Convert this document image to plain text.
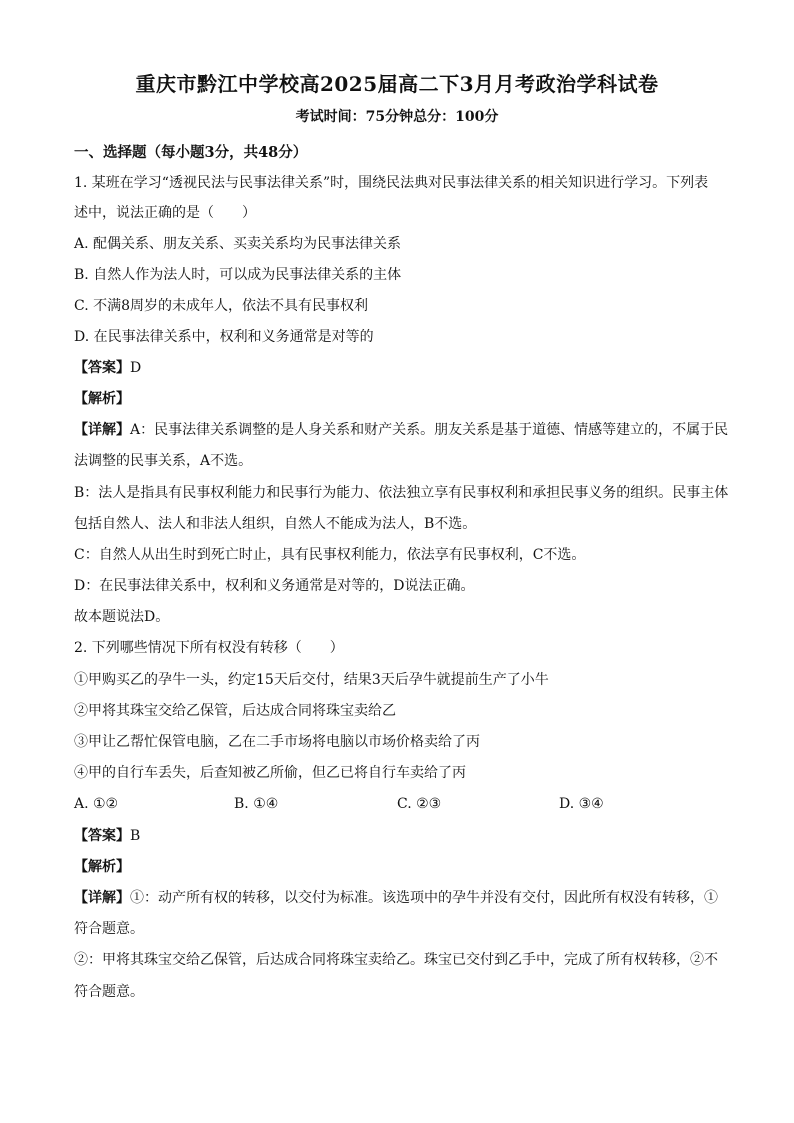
重庆市黔江中学校高2025届高二下3月月考政治学科试卷
考试时间：75分钟总分：100分
一、选择题（每小题3分，共48分）
1. 某班在学习“透视民法与民事法律关系”时，围绕民法典对民事法律关系的相关知识进行学习。下列表
述中，说法正确的是（　　）
A. 配偶关系、朋友关系、买卖关系均为民事法律关系
B. 自然人作为法人时，可以成为民事法律关系的主体
C. 不满8周岁的未成年人，依法不具有民事权利
D. 在民事法律关系中，权利和义务通常是对等的
【答案】D
【解析】
【详解】A：民事法律关系调整的是人身关系和财产关系。朋友关系是基于道德、情感等建立的，不属于民
法调整的民事关系，A不选。
B：法人是指具有民事权利能力和民事行为能力、依法独立享有民事权利和承担民事义务的组织。民事主体
包括自然人、法人和非法人组织，自然人不能成为法人，B不选。
C：自然人从出生时到死亡时止，具有民事权利能力，依法享有民事权利，C不选。
D：在民事法律关系中，权利和义务通常是对等的，D说法正确。
故本题说法D。
2. 下列哪些情况下所有权没有转移（　　）
①甲购买乙的孕牛一头，约定15天后交付，结果3天后孕牛就提前生产了小牛
②甲将其珠宝交给乙保管，后达成合同将珠宝卖给乙
③甲让乙帮忙保管电脑，乙在二手市场将电脑以市场价格卖给了丙
④甲的自行车丢失，后查知被乙所偷，但乙已将自行车卖给了丙
A. ①②	B. ①④	C. ②③	D. ③④
【答案】B
【解析】
【详解】①：动产所有权的转移，以交付为标准。该选项中的孕牛并没有交付，因此所有权没有转移，①
符合题意。
②：甲将其珠宝交给乙保管，后达成合同将珠宝卖给乙。珠宝已交付到乙手中，完成了所有权转移，②不
符合题意。
